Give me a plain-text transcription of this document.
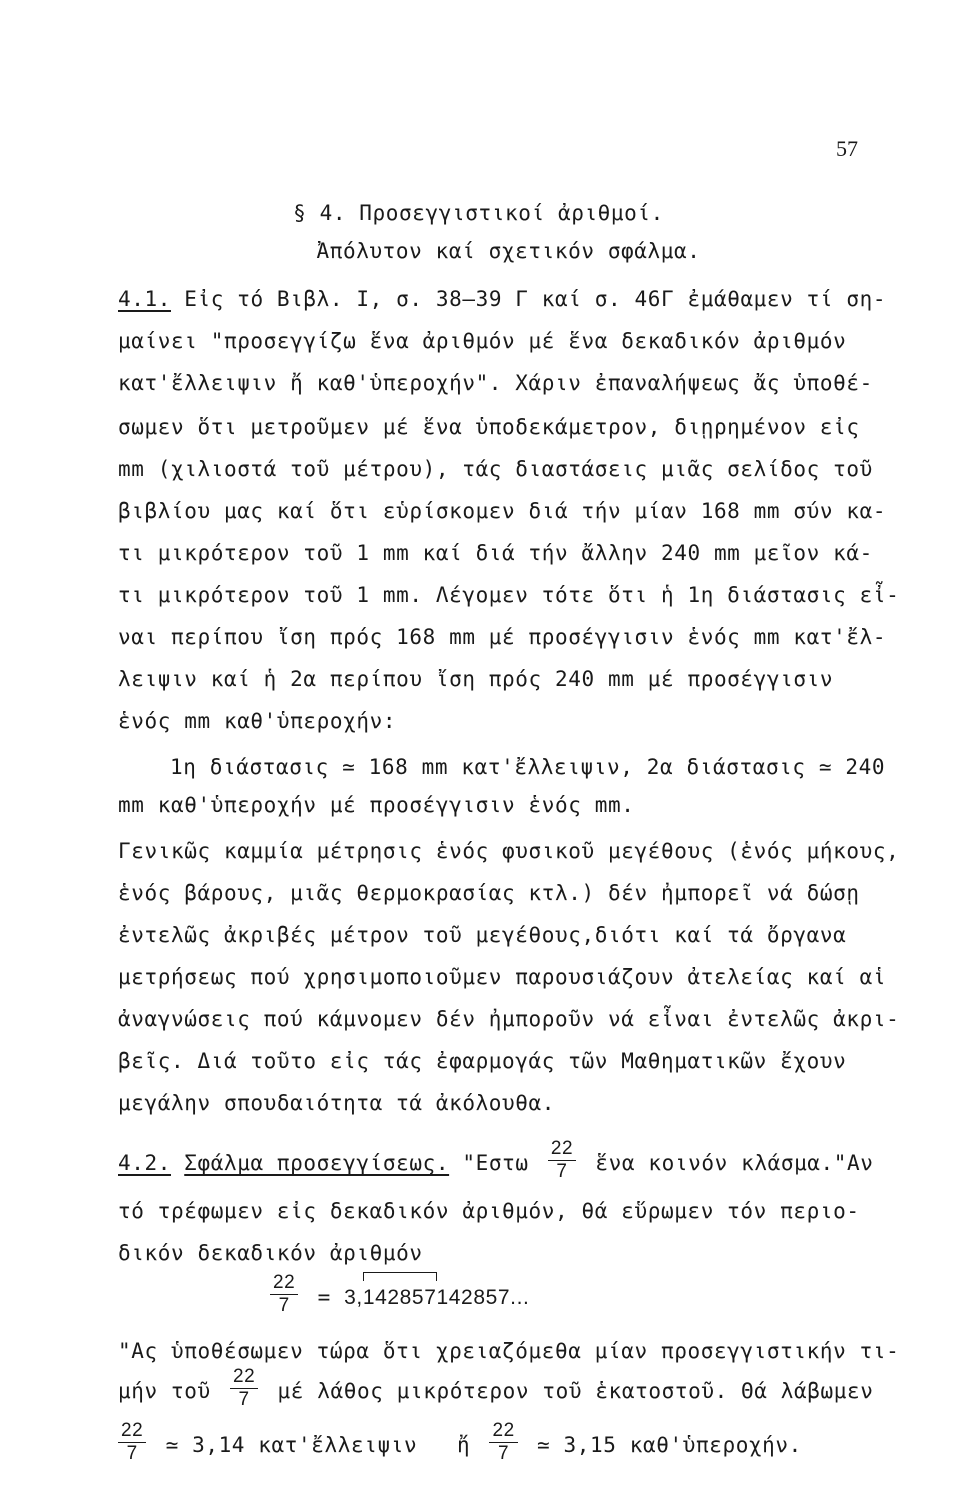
57
§ 4. Προσεγγιστικοί ἀριθμοί.
Ἀπόλυτον καί σχετικόν σφάλμα.
4.1. Εἰς τό Βιβλ. Ι, σ. 38–39 Γ καί σ. 46Γ ἐμάθαμεν τί ση-
μαίνει "προσεγγίζω ἕνα ἀριθμόν μέ ἕνα δεκαδικόν ἀριθμόν
κατ'ἔλλειψιν ἤ καθ'ὑπεροχήν". Χάριν ἐπαναλήψεως ἄς ὑποθέ-
σωμεν ὅτι μετροῦμεν μέ ἕνα ὑποδεκάμετρον, διῃρημένον εἰς
mm (χιλιοστά τοῦ μέτρου), τάς διαστάσεις μιᾶς σελίδος τοῦ
βιβλίου μας καί ὅτι εὑρίσκομεν διά τήν μίαν 168 mm σύν κα-
τι μικρότερον τοῦ 1 mm καί διά τήν ἄλλην 240 mm μεῖον κά-
τι μικρότερον τοῦ 1 mm. Λέγομεν τότε ὅτι ἡ 1η διάστασις εἶ-
ναι περίπου ἴση πρός 168 mm μέ προσέγγισιν ἑνός mm κατ'ἔλ-
λειψιν καί ἡ 2α περίπου ἴση πρός 240 mm μέ προσέγγισιν
ἑνός mm καθ'ὑπεροχήν:
1η διάστασις ≃ 168 mm κατ'ἔλλειψιν, 2α διάστασις ≃ 240
mm καθ'ὑπεροχήν μέ προσέγγισιν ἑνός mm.
Γενικῶς καμμία μέτρησις ἑνός φυσικοῦ μεγέθους (ἑνός μήκους,
ἑνός βάρους, μιᾶς θερμοκρασίας κτλ.) δέν ἠμπορεῖ νά δώσῃ
ἐντελῶς ἀκριβές μέτρον τοῦ μεγέθους,διότι καί τά ὄργανα
μετρήσεως πού χρησιμοποιοῦμεν παρουσιάζουν ἀτελείας καί αἱ
ἀναγνώσεις πού κάμνομεν δέν ἠμποροῦν νά εἶναι ἐντελῶς ἀκρι-
βεῖς. Διά τοῦτο εἰς τάς ἐφαρμογάς τῶν Μαθηματικῶν ἔχουν
μεγάλην σπουδαιότητα τά ἀκόλουθα.
4.2. Σφάλμα προσεγγίσεως. "$E\sigma\tau\omega \frac{22}{7}$ ἕνα κοινόν κλάσμα."Αν
τό τρέφωμεν εἰς δεκαδικόν ἀριθμόν, θά εὕρωμεν τόν περιο-
δικόν δεκαδικόν ἀριθμόν
$\frac{22}{7} = 3,142857142857$...
"Ας ὑποθέσωμεν τώρα ὅτι χρειαζόμεθα μίαν προσεγγιστικήν τι-
μήν τοῦ $\frac{22}{7}$ μέ λάθος μικρότερον τοῦ ἑκατοστοῦ. Θά λάβωμεν
$\frac{22}{7}$ ≃ 3,14 κατ'ἔλλειψιν ἤ $\frac{22}{7}$ ≃ 3,15 καθ'ὑπεροχήν.
